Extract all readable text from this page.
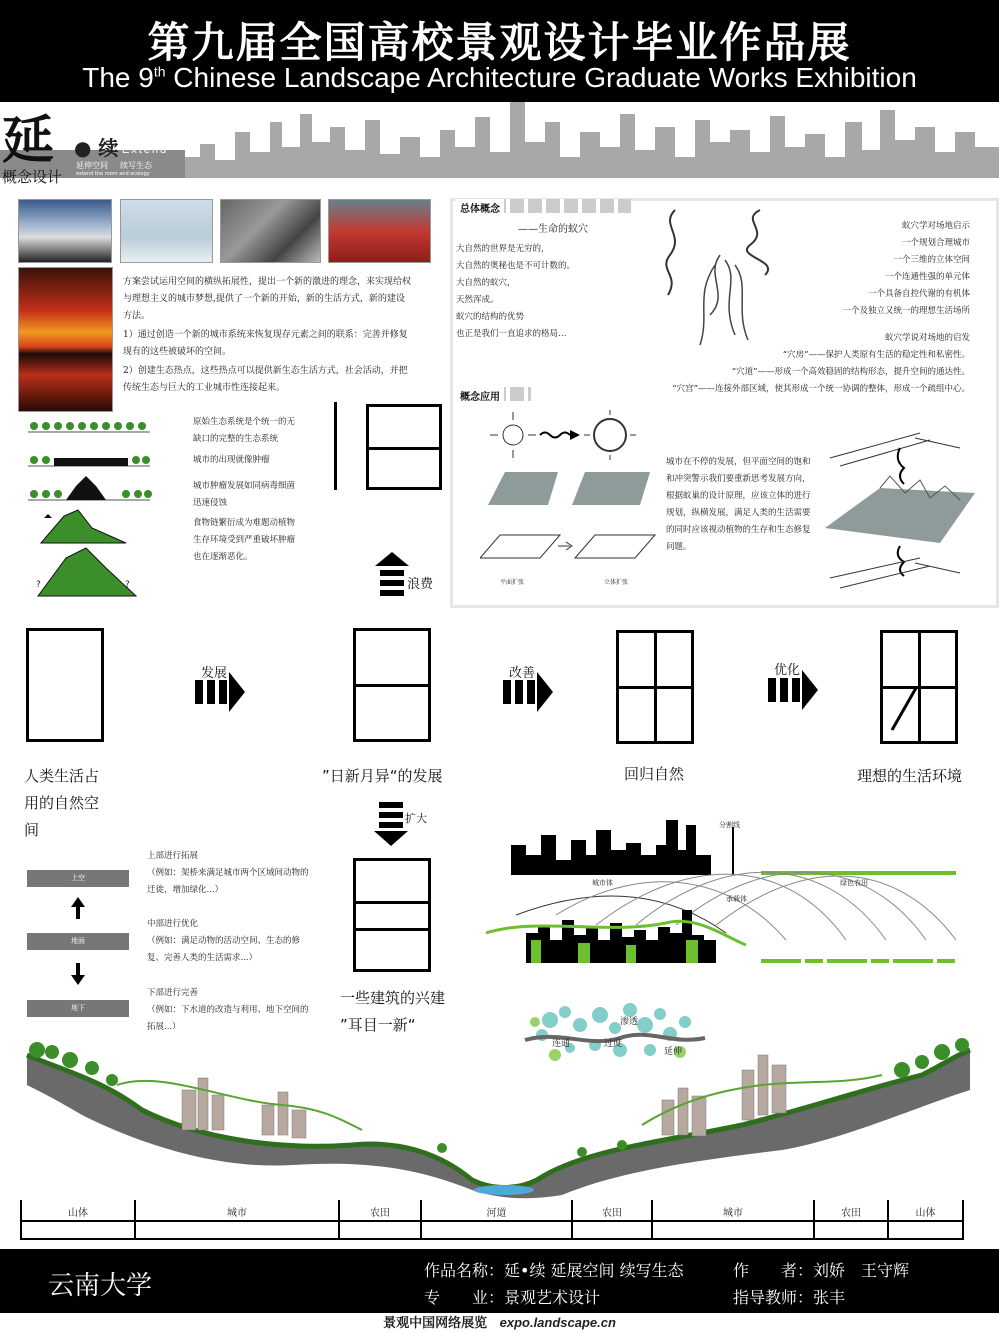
第九届全国高校景观设计毕业作品展
The 9th Chinese Landscape Architecture Graduate Works Exhibition
延 ● 续 Extend
延伸空间 续写生态
extend the room and ecology
概念设计
方案尝试运用空间的横纵拓展性，提出一个新的激进的理念，来实现给权与理想主义的城市梦想,提供了一个新的开始，新的生活方式，新的建设方法。
1）通过创造一个新的城市系统来恢复现存元素之间的联系：完善并修复现有的这些被破坏的空间。
2）创建生态热点，这些热点可以提供新生态生活方式，社会活动，并把传统生态与巨大的工业城市性连接起来。
?	?
原始生态系统是个统一的无缺口的完整的生态系统
城市的出现就像肿瘤
城市肿瘤发展如同病毒细菌迅速侵蚀
食物链繁衍成为难题动植物生存环境受到严重破坏肿瘤也在逐渐恶化。
浪费
总体概念
——生命的蚁穴
大自然的世界是无穷的，
大自然的奥秘也是不可计数的。
大自然的蚁穴，
天然浑成。
蚁穴的结构的优势
也正是我们一直追求的格局…
蚁穴学对场地启示
一个规划合理城市
一个三维的立体空间
一个连通性强的单元体
一个具备自控代谢的有机体
一个及独立又统一的理想生活场所
蚁穴学说对场地的启发
“穴房”——保护人类原有生活的稳定性和私密性。
“穴道”——形成一个高效稳固的结构形态，提升空间的通达性。
“穴宫”——连接外部区域，使其形成一个统一协调的整体，形成一个疏组中心。
概念应用
平面扩张	立体扩张
城市在不停的发展，但平面空间的饱和和冲突警示我们要重新思考发展方向，根据蚁巢的设计原理，应该立体的进行规划，纵横发展，满足人类的生活需要的同时应该视动植物的生存和生态修复问题。
发展	改善	优化
人类生活占用的自然空间
”日新月异“的发展	回归自然	理想的生活环境
扩大
一些建筑的兴建
”耳目一新“
上空
地面
地下
上部进行拓展
（例如：架桥来满足城市两个区域间动物的迁徙，增加绿化...）
中部进行优化
（例如：满足动物的活动空间、生态的修复、完善人类的生活需求...）
下部进行完善
（例如：下水道的改造与利用、地下空间的拓展...）
分割线
城市体	绿色农田
承载体
渗透
连通	过度
延伸
山体	城市	农田	河道	农田	城市	农田	山体
云南大学
作品名称：延•续 延展空间 续写生态	作　　者：刘娇　王守辉
专　　业：景观艺术设计	指导教师：张丰
景观中国网络展览 expo.landscape.cn
